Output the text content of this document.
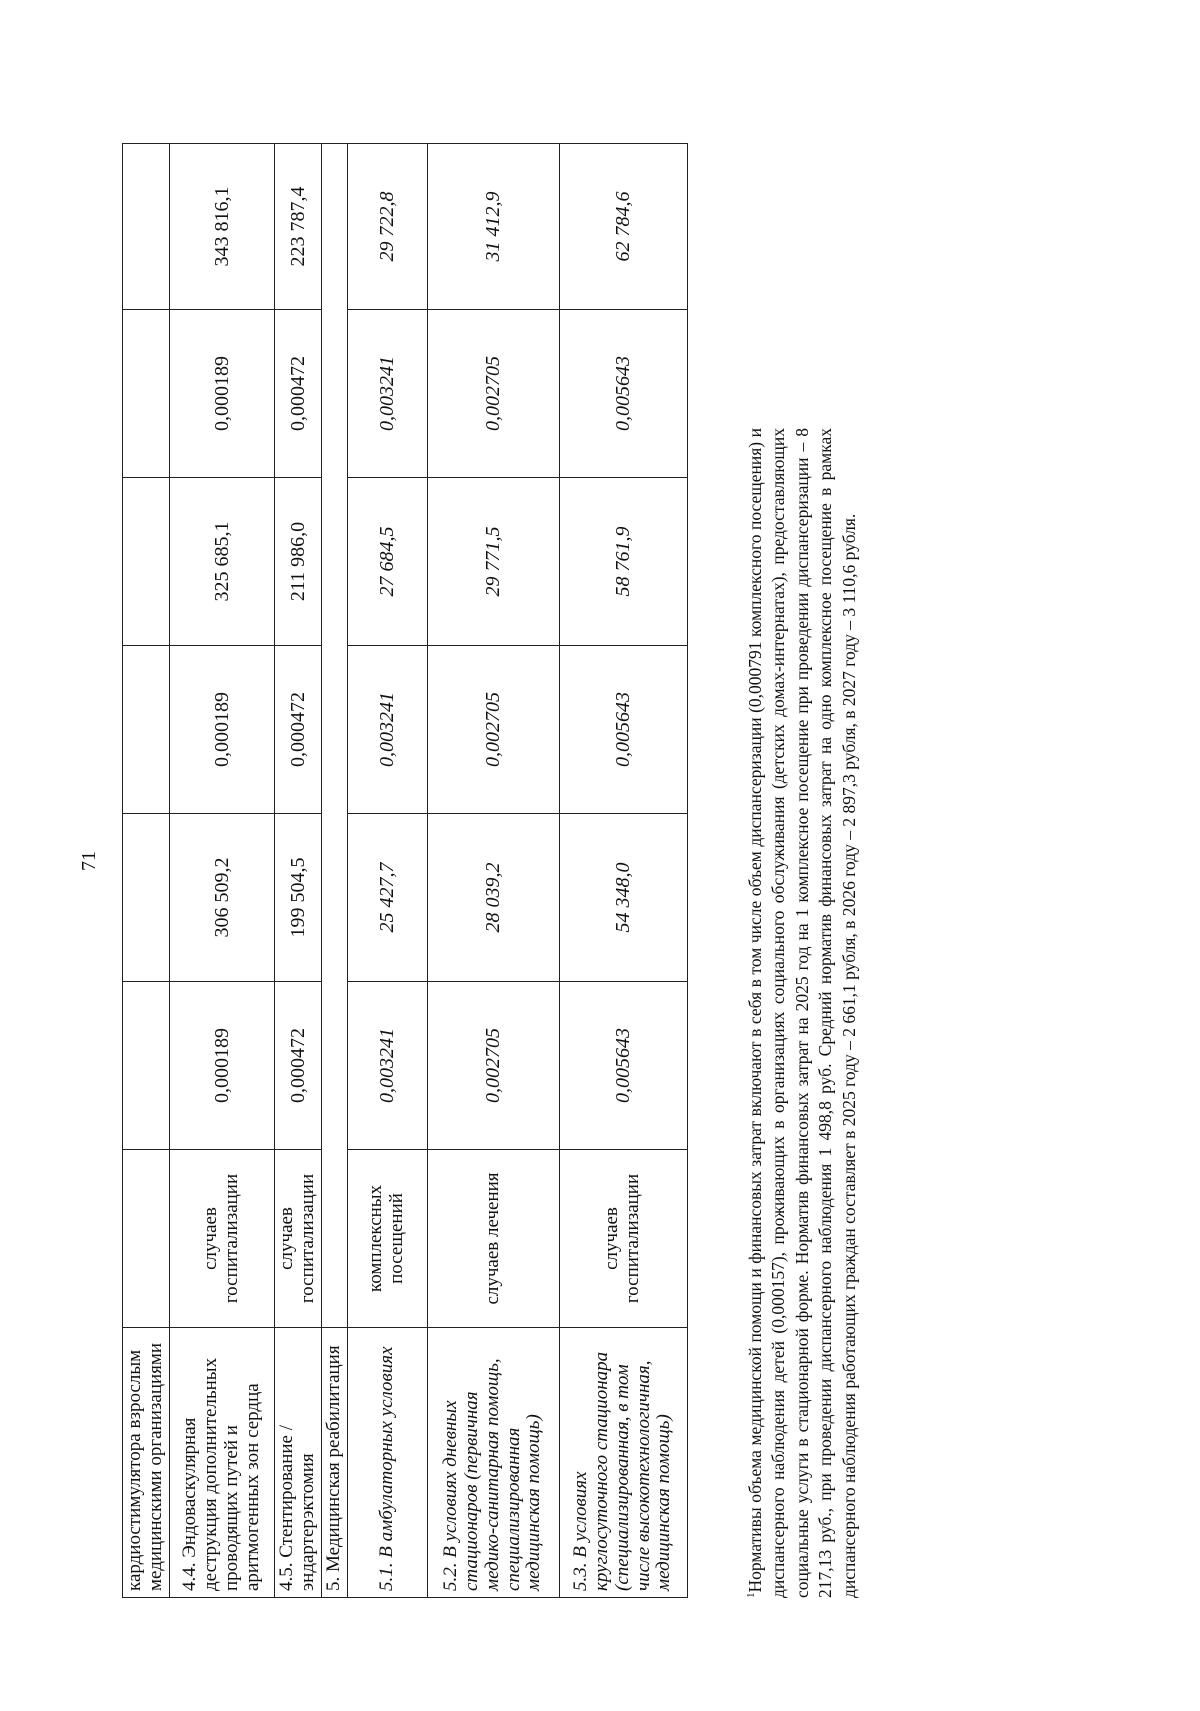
71
кардиостимулятора взрослым медицинскими организациями							
4.4. Эндоваскулярная деструкция дополнительных проводящих путей и аритмогенных зон сердца	случаев госпитализации	0,000189	306 509,2	0,000189	325 685,1	0,000189	343 816,1
4.5. Стентирование / эндартерэктомия	случаев госпитализации	0,000472	199 504,5	0,000472	211 986,0	0,000472	223 787,4
5. Медицинская реабилитация							
5.1. В амбулаторных условиях	комплексных посещений	0,003241	25 427,7	0,003241	27 684,5	0,003241	29 722,8
5.2. В условиях дневных стационаров (первичная медико-санитарная помощь, специализированная медицинская помощь)	случаев лечения	0,002705	28 039,2	0,002705	29 771,5	0,002705	31 412,9
5.3. В условиях круглосуточного стационара (специализированная, в том числе высокотехнологичная, медицинская помощь)	случаев госпитализации	0,005643	54 348,0	0,005643	58 761,9	0,005643	62 784,6
$^1$Нормативы объема медицинской помощи и финансовых затрат включают в себя в том числе объем диспансеризации (0,000791 комплексного посещения) и диспансерного наблюдения детей (0,000157), проживающих в организациях социального обслуживания (детских домах-интернатах), предоставляющих социальные услуги в стационарной форме. Норматив финансовых затрат на 2025 год на 1 комплексное посещение при проведении диспансеризации – 8 217,13 руб., при проведении диспансерного наблюдения 1 498,8 руб. Средний норматив финансовых затрат на одно комплексное посещение в рамках диспансерного наблюдения работающих граждан составляет в 2025 году – 2 661,1 рубля, в 2026 году – 2 897,3 рубля, в 2027 году – 3 110,6 рубля.
